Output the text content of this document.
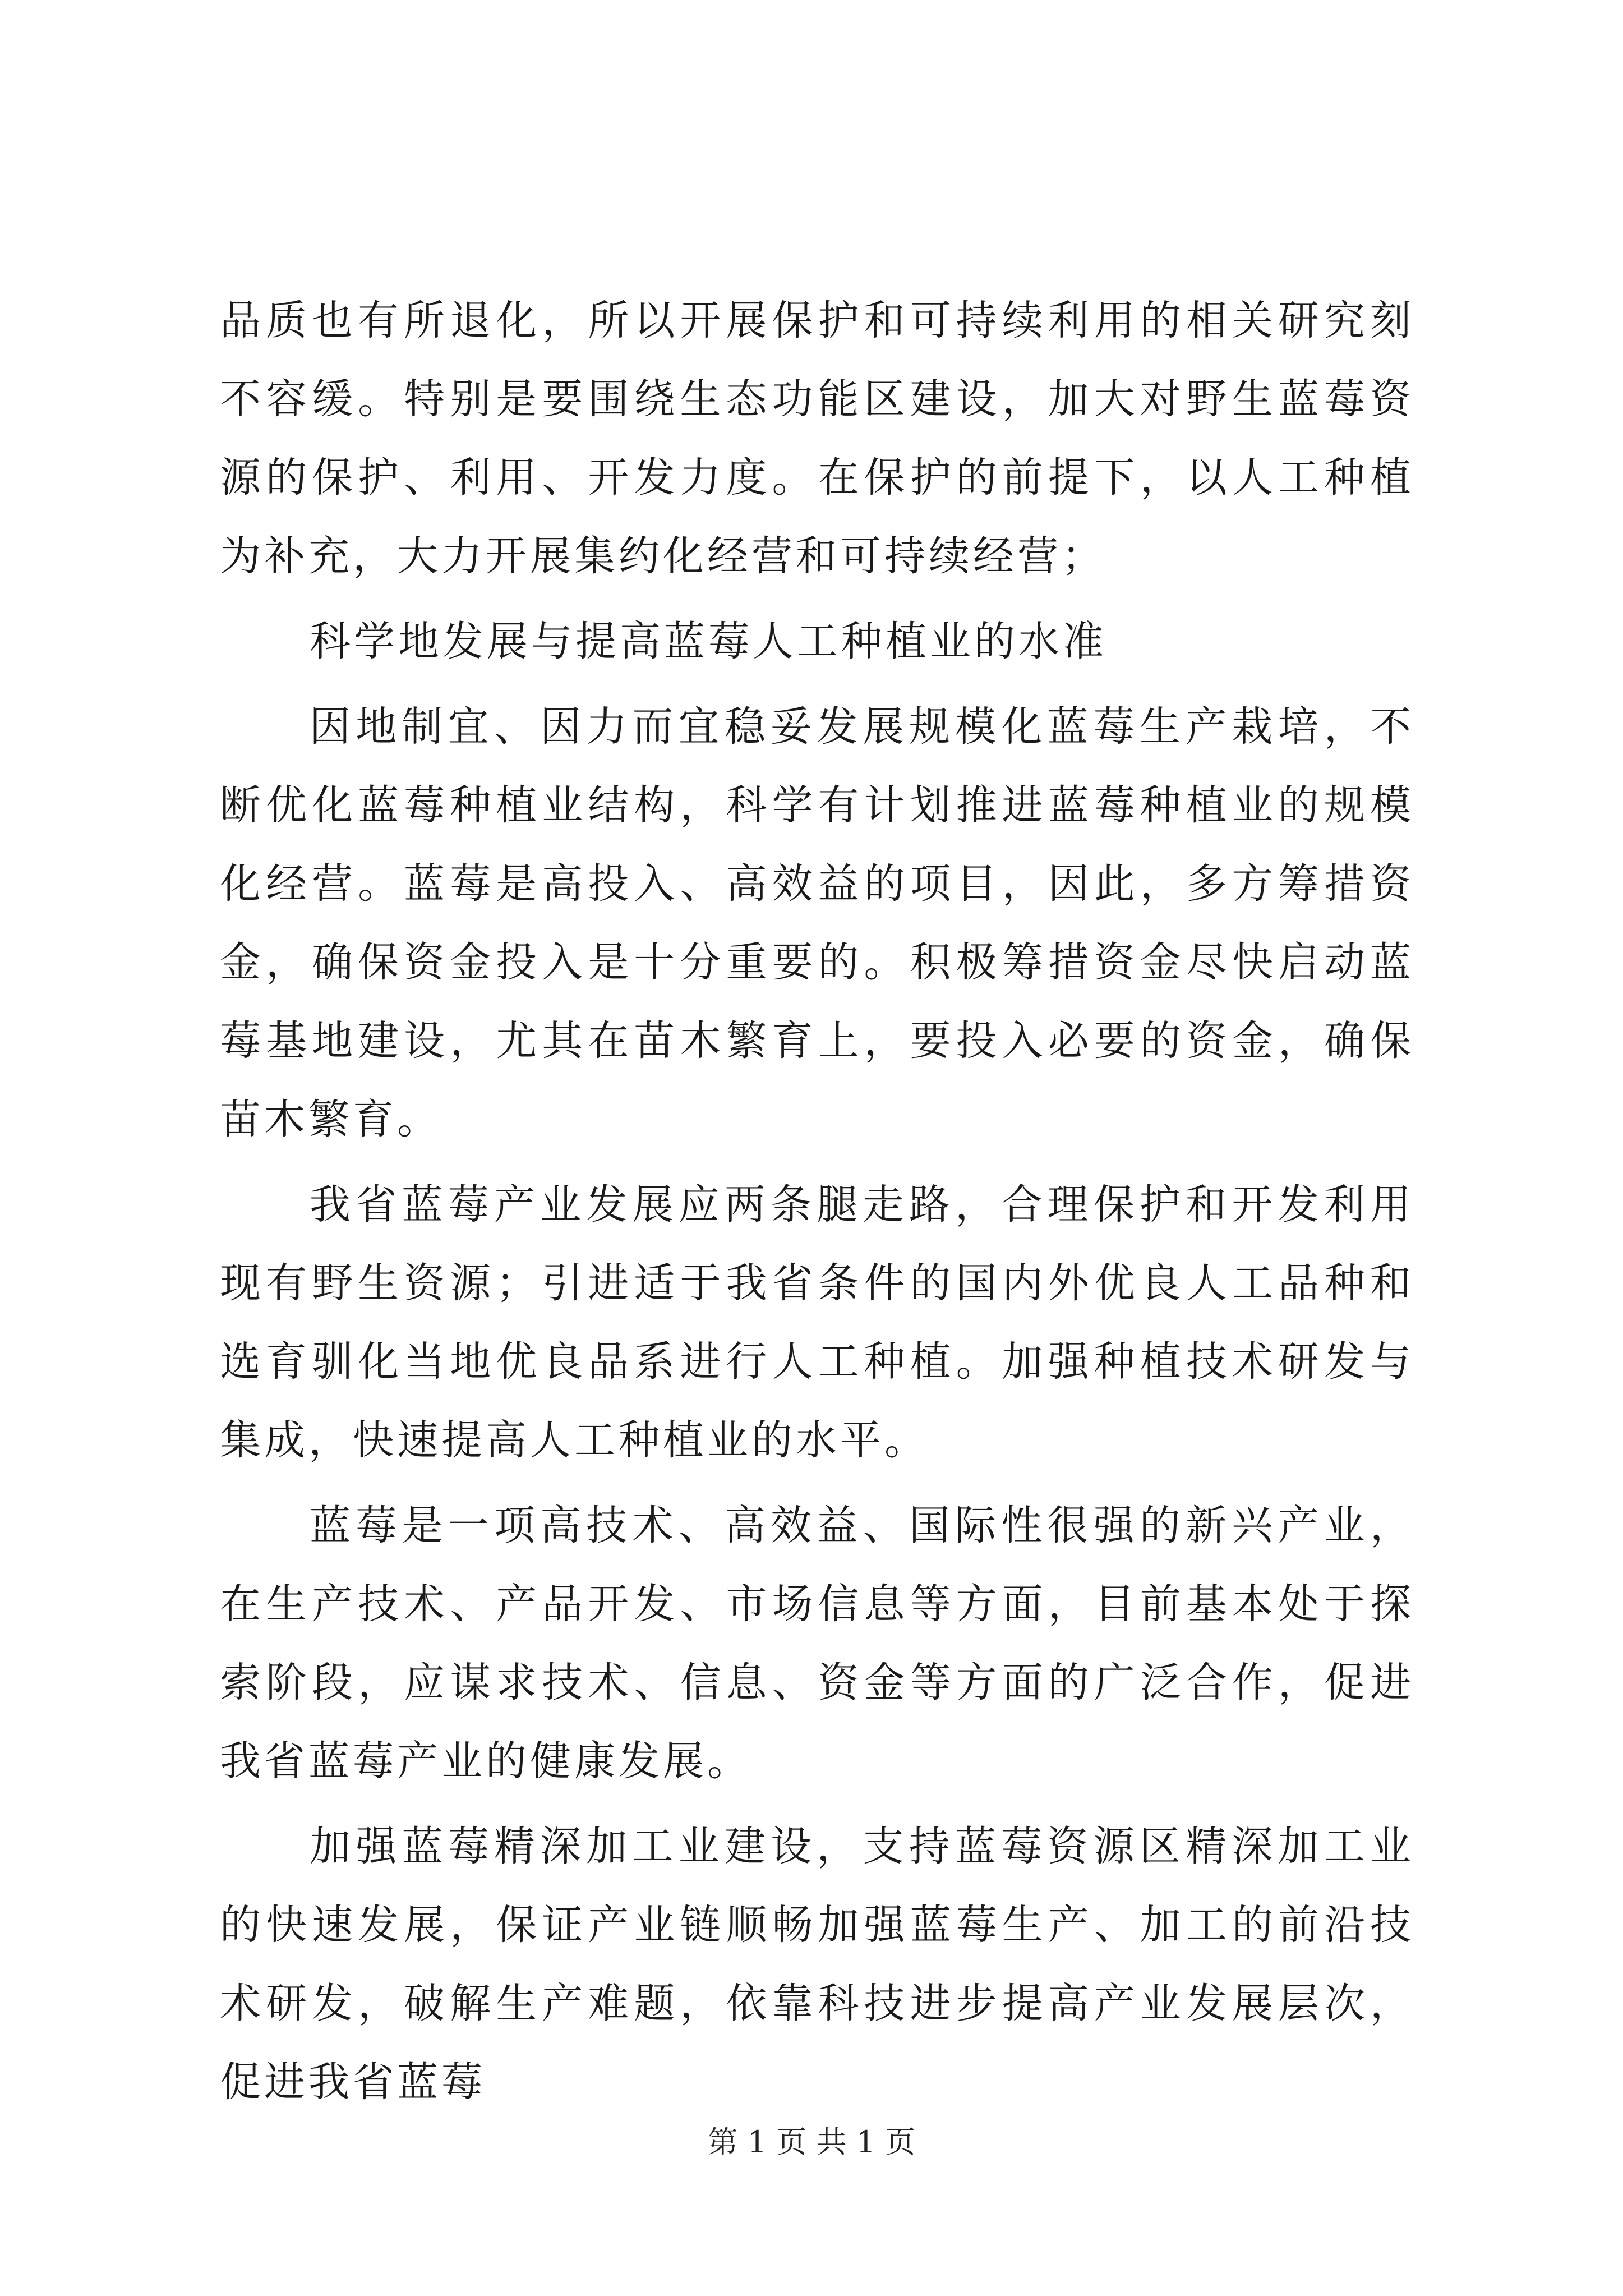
品质也有所退化，所以开展保护和可持续利用的相关研究刻不容缓。特别是要围绕生态功能区建设，加大对野生蓝莓资源的保护、利用、开发力度。在保护的前提下，以人工种植为补充，大力开展集约化经营和可持续经营；

科学地发展与提高蓝莓人工种植业的水准

因地制宜、因力而宜稳妥发展规模化蓝莓生产栽培，不断优化蓝莓种植业结构，科学有计划推进蓝莓种植业的规模化经营。蓝莓是高投入、高效益的项目，因此，多方筹措资金，确保资金投入是十分重要的。积极筹措资金尽快启动蓝莓基地建设，尤其在苗木繁育上，要投入必要的资金，确保苗木繁育。

我省蓝莓产业发展应两条腿走路，合理保护和开发利用现有野生资源；引进适于我省条件的国内外优良人工品种和选育驯化当地优良品系进行人工种植。加强种植技术研发与集成，快速提高人工种植业的水平。

蓝莓是一项高技术、高效益、国际性很强的新兴产业，在生产技术、产品开发、市场信息等方面，目前基本处于探索阶段，应谋求技术、信息、资金等方面的广泛合作，促进我省蓝莓产业的健康发展。

加强蓝莓精深加工业建设，支持蓝莓资源区精深加工业的快速发展，保证产业链顺畅加强蓝莓生产、加工的前沿技术研发，破解生产难题，依靠科技进步提高产业发展层次，促进我省蓝莓

第 1 页 共 1 页
